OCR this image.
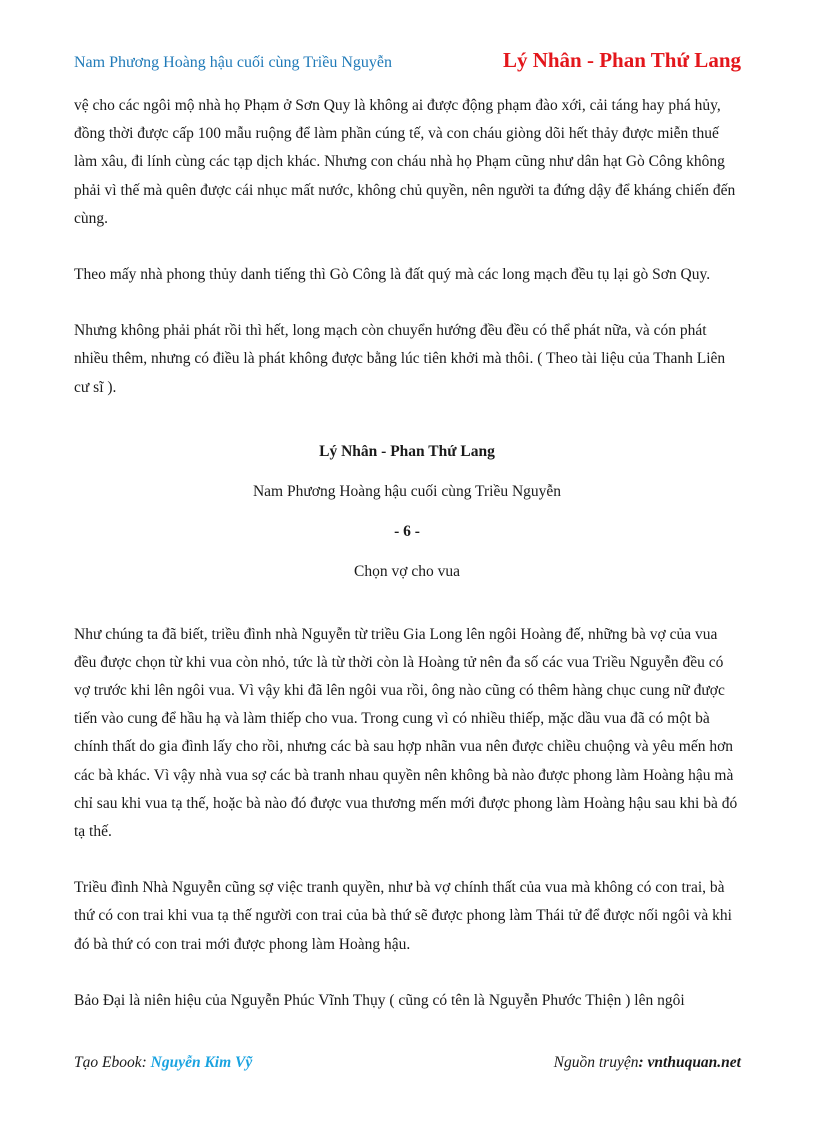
Nam Phương Hoàng hậu cuối cùng Triều Nguyễn	Lý Nhân - Phan Thứ Lang

vệ cho các ngôi mộ nhà họ Phạm ở Sơn Quy là không ai được động phạm đào xới, cải táng hay phá hủy, đồng thời được cấp 100 mẫu ruộng để làm phần cúng tế, và con cháu giòng dõi hết thảy được miễn thuế làm xâu, đi lính cùng các tạp dịch khác. Nhưng con cháu nhà họ Phạm cũng như dân hạt Gò Công không phải vì thế mà quên được cái nhục mất nước, không chủ quyền, nên người ta đứng dậy để kháng chiến đến cùng.

Theo mấy nhà phong thủy danh tiếng thì Gò Công là đất quý mà các long mạch đều tụ lại gò Sơn Quy.

Nhưng không phải phát rồi thì hết, long mạch còn chuyển hướng đều đều có thể phát nữa, và cón phát nhiều thêm, nhưng có điều là phát không được bằng lúc tiên khởi mà thôi. ( Theo tài liệu của Thanh Liên cư sĩ ).

Lý Nhân - Phan Thứ Lang

Nam Phương Hoàng hậu cuối cùng Triều Nguyễn

- 6 -

Chọn vợ cho vua

Như chúng ta đã biết, triều đình nhà Nguyễn từ triều Gia Long lên ngôi Hoàng đế, những bà vợ của vua đều được chọn từ khi vua còn nhỏ, tức là từ thời còn là Hoàng tử nên đa số các vua Triều Nguyễn đều có vợ trước khi lên ngôi vua. Vì vậy khi đã lên ngôi vua rồi, ông nào cũng có thêm hàng chục cung nữ được tiến vào cung để hầu hạ và làm thiếp cho vua. Trong cung vì có nhiều thiếp, mặc dầu vua đã có một bà chính thất do gia đình lấy cho rồi, nhưng các bà sau hợp nhãn vua nên được chiều chuộng và yêu mến hơn các bà khác. Vì vậy nhà vua sợ các bà tranh nhau quyền nên không bà nào được phong làm Hoàng hậu mà chỉ sau khi vua tạ thế, hoặc bà nào đó được vua thương mến mới được phong làm Hoàng hậu sau khi bà đó tạ thế.

Triều đình Nhà Nguyễn cũng sợ việc tranh quyền, như bà vợ chính thất của vua mà không có con trai, bà thứ có con trai khi vua tạ thế người con trai của bà thứ sẽ được phong làm Thái tử để được nối ngôi và khi đó bà thứ có con trai mới được phong làm Hoàng hậu.

Bảo Đại là niên hiệu của Nguyễn Phúc Vĩnh Thụy ( cũng có tên là Nguyễn Phước Thiện ) lên ngôi

Tạo Ebook: Nguyễn Kim Vỹ	Nguồn truyện: vnthuquan.net
